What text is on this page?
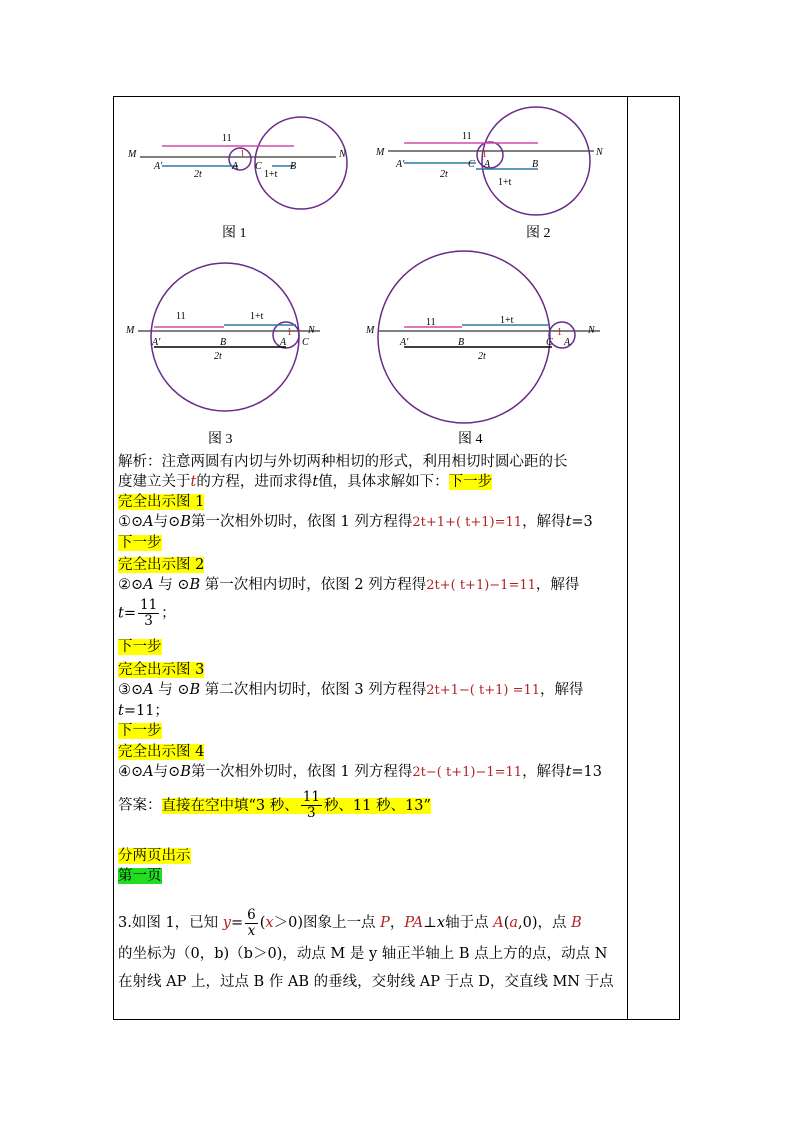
M	N
A′	A C	B
11
2t	1+t
1
图 1
M	N
A′	C A	B
11
2t
1+t
1
图 2
M	N
A′	B	A C
11	1+t
2t
1
图 3
M	N
A′	B	C A
11	1+t
2t
1
图 4
解析：注意两圆有内切与外切两种相切的形式，利用相切时圆心距的长
度建立关于t的方程，进而求得t值，具体求解如下：下一步
完全出示图 1
①⊙A与⊙B第一次相外切时，依图 1 列方程得2t+1+( t+1)=11，解得t=3
下一步
完全出示图 2
②⊙A 与 ⊙B 第一次相内切时，依图 2 列方程得2t+( t+1)−1=11，解得
$t= \frac{11}{3}$ ；
下一步
完全出示图 3
③⊙A 与 ⊙B 第二次相内切时，依图 3 列方程得2t+1−( t+1) =11，解得
t=11；
下一步
完全出示图 4
④⊙A与⊙B第一次相外切时，依图 1 列方程得2t−( t+1)−1=11，解得t=13
答案：直接在空中填“3 秒、 $\frac{11}{3}$ 秒、11 秒、13”
分两页出示
第一页
3.如图 1，已知 $y= \frac{6}{x} (x>0)$图象上一点 P，PA⊥x轴于点 A(a,0)，点 B
的坐标为（0，b)（b＞0)，动点 M 是 y 轴正半轴上 B 点上方的点，动点 N
在射线 AP 上，过点 B 作 AB 的垂线，交射线 AP 于点 D，交直线 MN 于点
